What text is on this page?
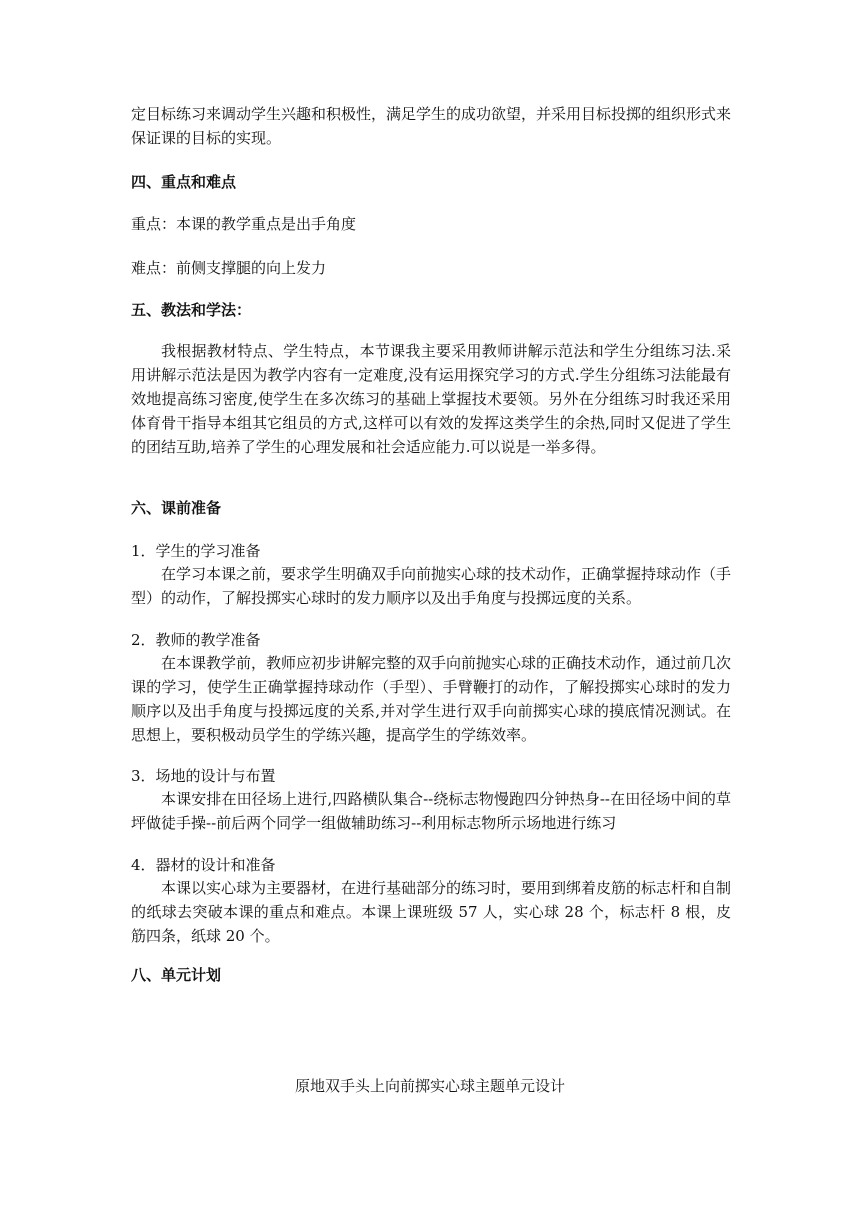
定目标练习来调动学生兴趣和积极性，满足学生的成功欲望，并采用目标投掷的组织形式来保证课的目标的实现。

四、重点和难点

重点：本课的教学重点是出手角度

难点：前侧支撑腿的向上发力

五、教法和学法：

我根据教材特点、学生特点，本节课我主要采用教师讲解示范法和学生分组练习法.采用讲解示范法是因为教学内容有一定难度,没有运用探究学习的方式.学生分组练习法能最有效地提高练习密度,使学生在多次练习的基础上掌握技术要领。另外在分组练习时我还采用体育骨干指导本组其它组员的方式,这样可以有效的发挥这类学生的余热,同时又促进了学生的团结互助,培养了学生的心理发展和社会适应能力.可以说是一举多得。

六、课前准备

1．学生的学习准备

在学习本课之前，要求学生明确双手向前抛实心球的技术动作，正确掌握持球动作（手型）的动作，了解投掷实心球时的发力顺序以及出手角度与投掷远度的关系。

2．教师的教学准备

在本课教学前，教师应初步讲解完整的双手向前抛实心球的正确技术动作，通过前几次课的学习，使学生正确掌握持球动作（手型）、手臂鞭打的动作，了解投掷实心球时的发力顺序以及出手角度与投掷远度的关系,并对学生进行双手向前掷实心球的摸底情况测试。在思想上，要积极动员学生的学练兴趣，提高学生的学练效率。

3．场地的设计与布置

本课安排在田径场上进行,四路横队集合--绕标志物慢跑四分钟热身--在田径场中间的草坪做徒手操--前后两个同学一组做辅助练习--利用标志物所示场地进行练习

4．器材的设计和准备

本课以实心球为主要器材，在进行基础部分的练习时，要用到绑着皮筋的标志杆和自制的纸球去突破本课的重点和难点。本课上课班级 57 人，实心球 28 个，标志杆 8 根，皮筋四条，纸球 20 个。

八、单元计划

原地双手头上向前掷实心球主题单元设计
